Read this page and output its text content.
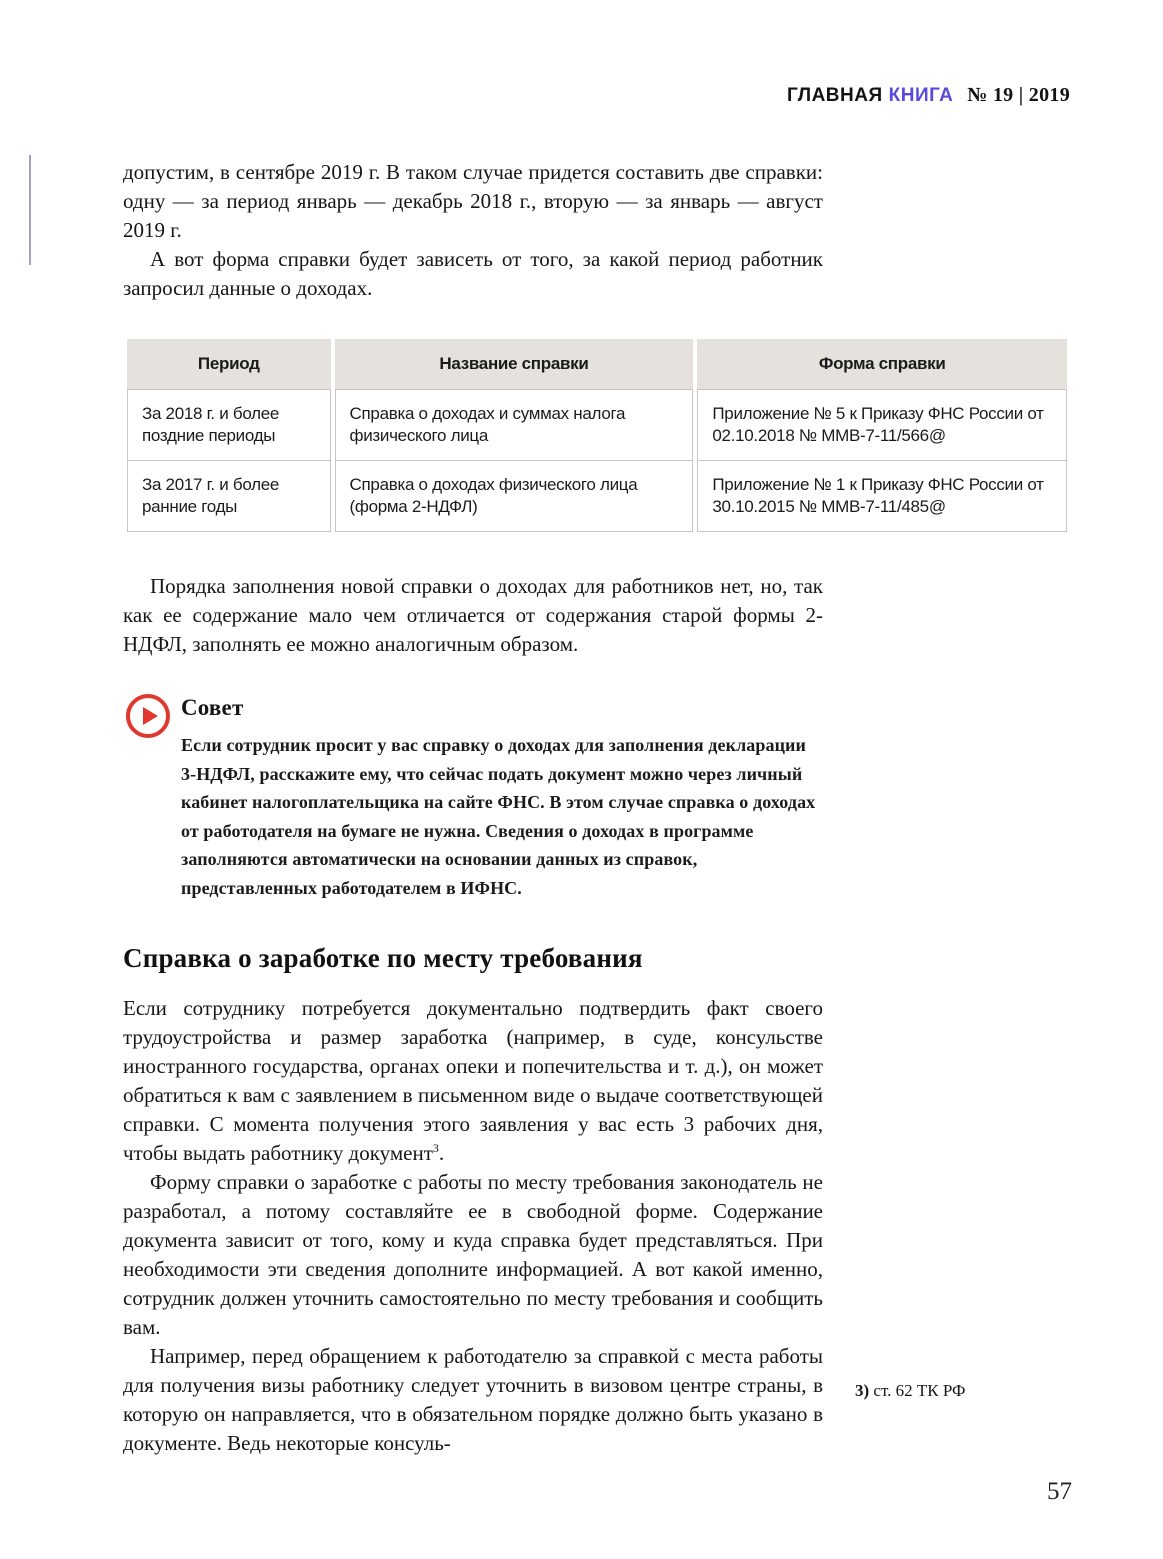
ГЛАВНАЯ КНИГА № 19 | 2019

допустим, в сентябре 2019 г. В таком случае придется составить две справки: одну — за период январь — декабрь 2018 г., вторую — за январь — август 2019 г.

А вот форма справки будет зависеть от того, за какой период работник запросил данные о доходах.

Период	Название справки	Форма справки
За 2018 г. и более поздние периоды	Справка о доходах и суммах налога физического лица	Приложение № 5 к Приказу ФНС России от 02.10.2018 № ММВ-7-11/566@
За 2017 г. и более ранние годы	Справка о доходах физического лица (форма 2-НДФЛ)	Приложение № 1 к Приказу ФНС России от 30.10.2015 № ММВ-7-11/485@

Порядка заполнения новой справки о доходах для работников нет, но, так как ее содержание мало чем отличается от содержания старой формы 2-НДФЛ, заполнять ее можно аналогичным образом.

Совет
Если сотрудник просит у вас справку о доходах для заполнения декларации 3-НДФЛ, расскажите ему, что сейчас подать документ можно через личный кабинет налогоплательщика на сайте ФНС. В этом случае справка о доходах от работодателя на бумаге не нужна. Сведения о доходах в программе заполняются автоматически на основании данных из справок, представленных работодателем в ИФНС.
Справка о заработке по месту требования

Если сотруднику потребуется документально подтвердить факт своего трудоустройства и размер заработка (например, в суде, консульстве иностранного государства, органах опеки и попечительства и т. д.), он может обратиться к вам с заявлением в письменном виде о выдаче соответствующей справки. С момента получения этого заявления у вас есть 3 рабочих дня, чтобы выдать работнику документ$^3$.

Форму справки о заработке с работы по месту требования законодатель не разработал, а потому составляйте ее в свободной форме. Содержание документа зависит от того, кому и куда справка будет представляться. При необходимости эти сведения дополните информацией. А вот какой именно, сотрудник должен уточнить самостоятельно по месту требования и сообщить вам.

Например, перед обращением к работодателю за справкой с места работы для получения визы работнику следует уточнить в визовом центре страны, в которую он направляется, что в обязательном порядке должно быть указано в документе. Ведь некоторые консуль-

3) ст. 62 ТК РФ
57
